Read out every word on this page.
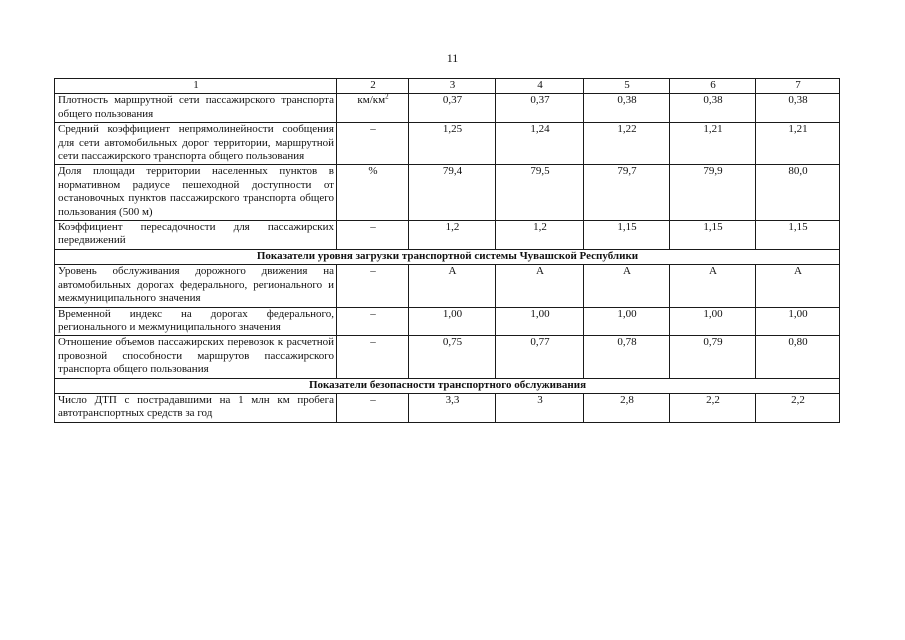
11
1	2	3	4	5	6	7
Плотность маршрутной сети пассажирского транспорта общего пользования	$км/км^2$	0,37	0,37	0,38	0,38	0,38
Средний коэффициент непрямолинейности сообщения для сети автомобильных дорог территории, маршрутной сети пассажирского транспорта общего пользования	–	1,25	1,24	1,22	1,21	1,21
Доля площади территории населенных пунктов в нормативном радиусе пешеходной доступности от остановочных пунктов пассажирского транспорта общего пользования (500 м)	%	79,4	79,5	79,7	79,9	80,0
Коэффициент пересадочности для пассажирских передвижений	–	1,2	1,2	1,15	1,15	1,15
Показатели уровня загрузки транспортной системы Чувашской Республики						
Уровень обслуживания дорожного движения на автомобильных дорогах федерального, регионального и межмуниципального значения	–	А	А	А	А	А
Временной индекс на дорогах федерального, регионального и межмуниципального значения	–	1,00	1,00	1,00	1,00	1,00
Отношение объемов пассажирских перевозок к расчетной провозной способности маршрутов пассажирского транспорта общего пользования	–	0,75	0,77	0,78	0,79	0,80
Показатели безопасности транспортного обслуживания						
Число ДТП с пострадавшими на 1 млн км пробега автотранспортных средств за год	–	3,3	3	2,8	2,2	2,2
